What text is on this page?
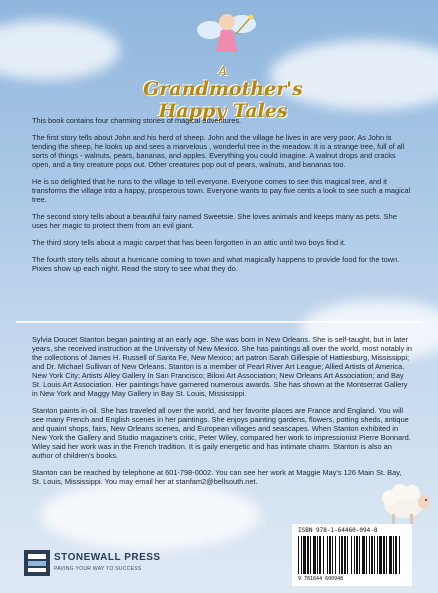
A
Grandmother's
Happy Tales

This book contains four charming stories of magical adventures.

The first story tells about John and his herd of sheep. John and the village he lives in are very poor. As John is tending the sheep, he looks up and sees a marvelous , wonderful tree in the meadow. It is a strange tree, full of all sorts of things - walnuts, pears, bananas, and apples. Everything you could imagine. A walnut drops and cracks open, and a tiny creature pops out. Other creatures pop out of pears, walnuts, and bananas too.

He is so delighted that he runs to the village to tell everyone. Everyone comes to see this magical tree, and it transforms the village into a happy, prosperous town. Everyone wants to pay five cents a look to see such a magical tree.

The second story tells about a beautiful fairy named Sweetsie. She loves animals and keeps many as pets. She uses her magic to protect them from an evil giant.

The third story tells about a magic carpet that has been forgotten in an attic until two boys find it.

The fourth story tells about a hurricane coming to town and what magically happens to provide food for the town. Pixies show up each night. Read the story to see what they do.

Sylvia Doucet Stanton began painting at an early age. She was born in New Orleans. She is self-taught, but in later years, she received instruction at the University of New Mexico. She has paintings all over the world, most notably in the collections of James H. Russell of Santa Fe, New Mexico; art patron Sarah Gillespie of Hattiesburg, Mississippi; and Dr. Michael Sullivan of New Orleans. Stanton is a member of Pearl River Art League; Allied Artists of America, New York City; Artists Alley Gallery In San Francisco; Biloxi Art Association; New Orleans Art Association; and Bay St. Louis Art Association. Her paintings have garnered numerous awards. She has shown at the Montserrat Gallery in New York and Maggy May Gallery in Bay St. Louis, Mississippi.

Stanton paints in oil. She has traveled all over the world, and her favorite places are France and England. You will see many French and English scenes in her paintings. She enjoys painting gardens, flowers, potting sheds, antique and quaint shops, fairs, New Orleans scenes, and European villages and seascapes. When Stanton exhibited in New York the Gallery and Studio magazine's critic, Peter Wiley, compared her work to impressionist Pierre Bonnard. Wiley said her work was in the French tradition. It is gaily energetic and has intimate charm. Stanton is also an author of children's books.

Stanton can be reached by telephone at 601-798-0002. You can see her work at Maggie May's 126 Main St. Bay, St. Louis, Mississippi. You may email her at stanfam2@bellsouth.net.

STONEWALL PRESS
PAVING YOUR WAY TO SUCCESS
ISBN 978-1-64460-094-8
9 781644 600948
